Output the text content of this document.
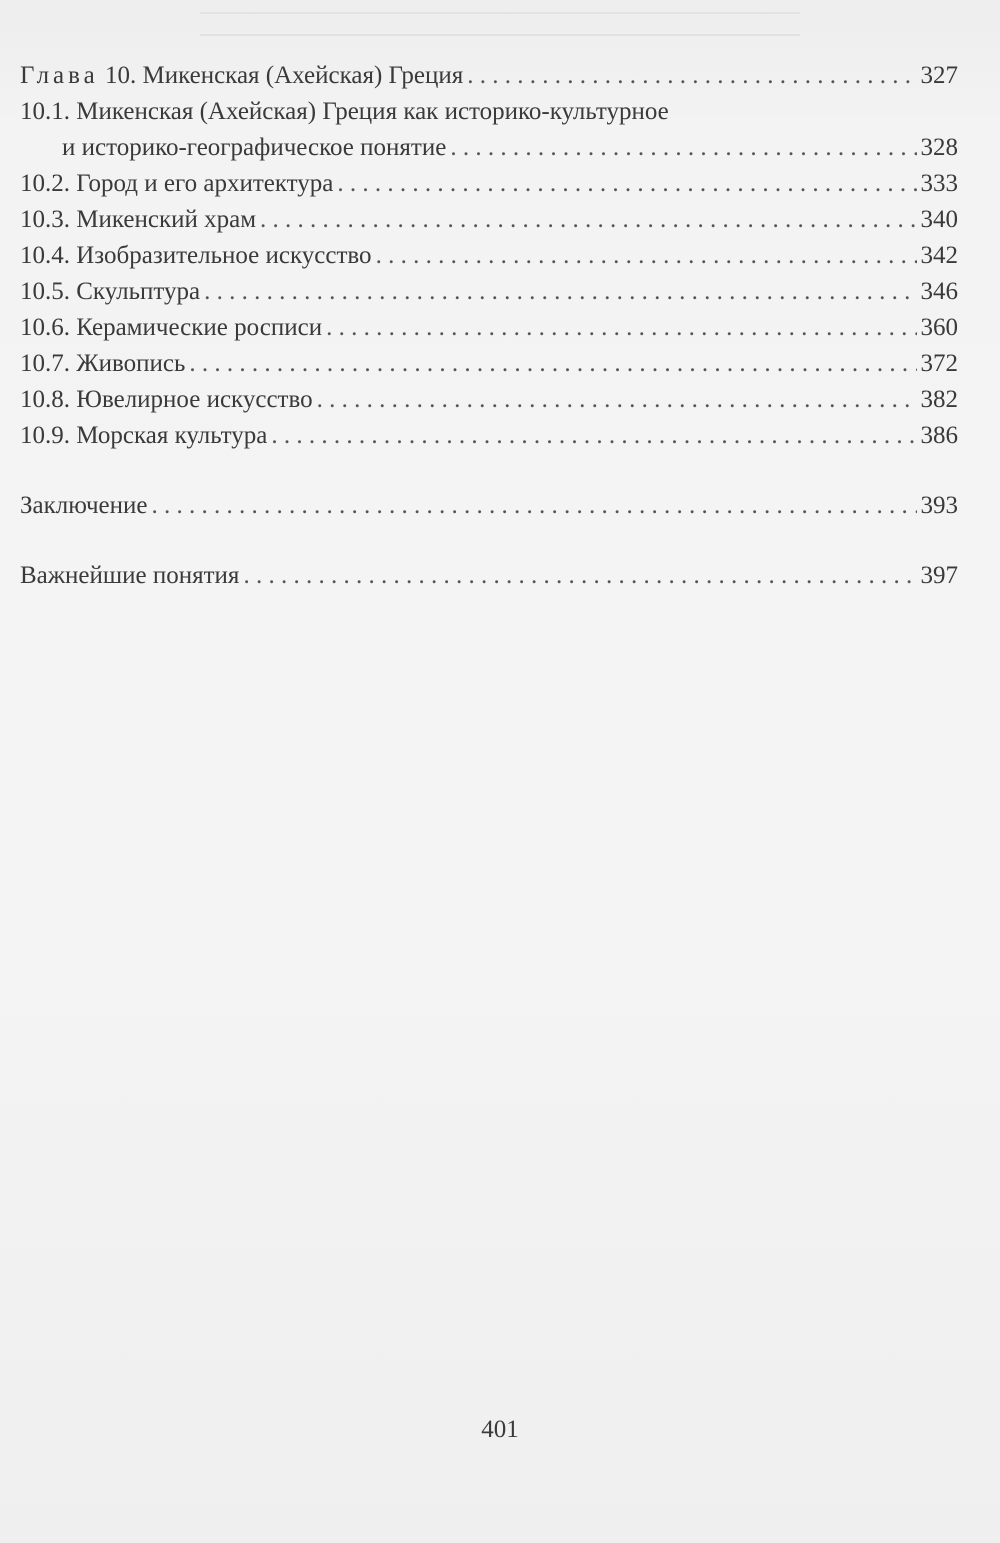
Глава 10. Микенская (Ахейская) Греция . . .	327
10.1. Микенская (Ахейская) Греция как историко-культурное
и историко-географическое понятие . . .	328
10.2. Город и его архитектура . . .	333
10.3. Микенский храм . . .	340
10.4. Изобразительное искусство . . .	342
10.5. Скульптура . . .	346
10.6. Керамические росписи . . .	360
10.7. Живопись . . .	372
10.8. Ювелирное искусство . . .	382
10.9. Морская культура . . .	386
Заключение . . .	393
Важнейшие понятия . . .	397
401
